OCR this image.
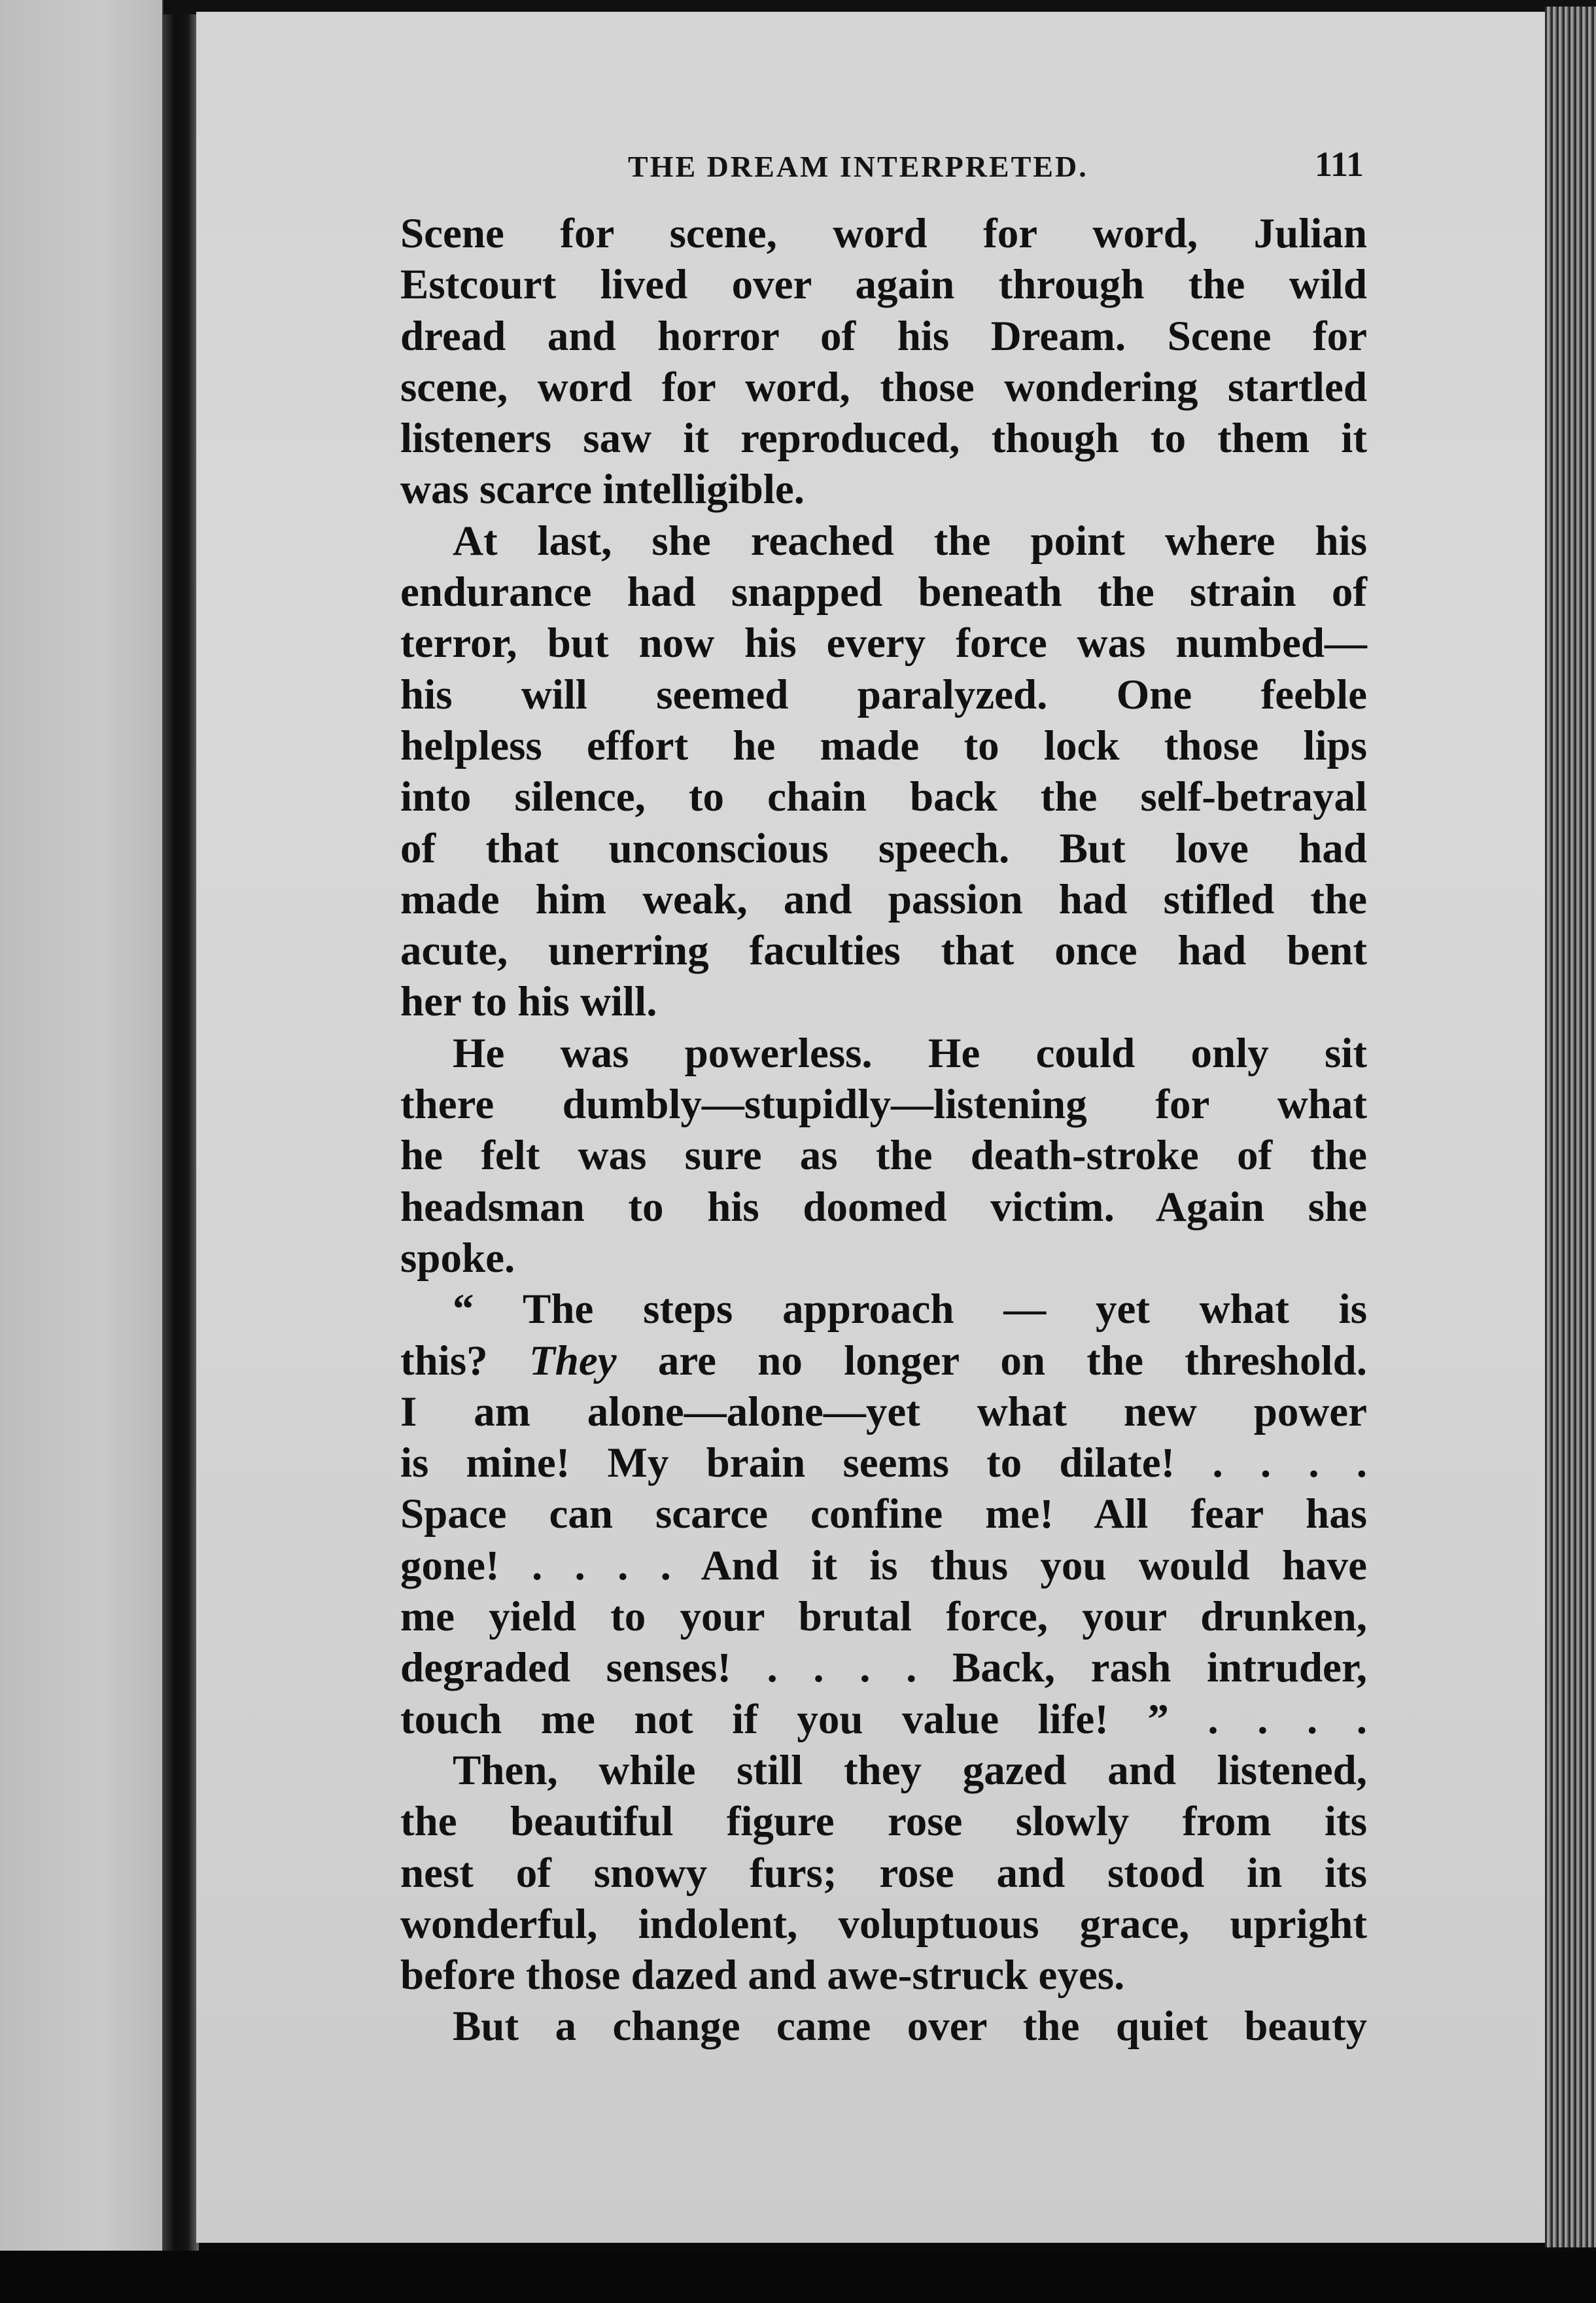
THE DREAM INTERPRETED.	111
Scene for scene, word for word, Julian
Estcourt lived over again through the wild
dread and horror of his Dream. Scene for
scene, word for word, those wondering startled
listeners saw it reproduced, though to them it
was scarce intelligible.
At last, she reached the point where his
endurance had snapped beneath the strain of
terror, but now his every force was numbed—
his will seemed paralyzed. One feeble
helpless effort he made to lock those lips
into silence, to chain back the self-betrayal
of that unconscious speech. But love had
made him weak, and passion had stifled the
acute, unerring faculties that once had bent
her to his will.
He was powerless. He could only sit
there dumbly—stupidly—listening for what
he felt was sure as the death-stroke of the
headsman to his doomed victim. Again she
spoke.
“ The steps approach — yet what is
this? They are no longer on the threshold.
I am alone—alone—yet what new power
is mine! My brain seems to dilate! . . . .
Space can scarce confine me! All fear has
gone! . . . . And it is thus you would have
me yield to your brutal force, your drunken,
degraded senses! . . . . Back, rash intruder,
touch me not if you value life! ” . . . .
Then, while still they gazed and listened,
the beautiful figure rose slowly from its
nest of snowy furs; rose and stood in its
wonderful, indolent, voluptuous grace, upright
before those dazed and awe-struck eyes.
But a change came over the quiet beauty
